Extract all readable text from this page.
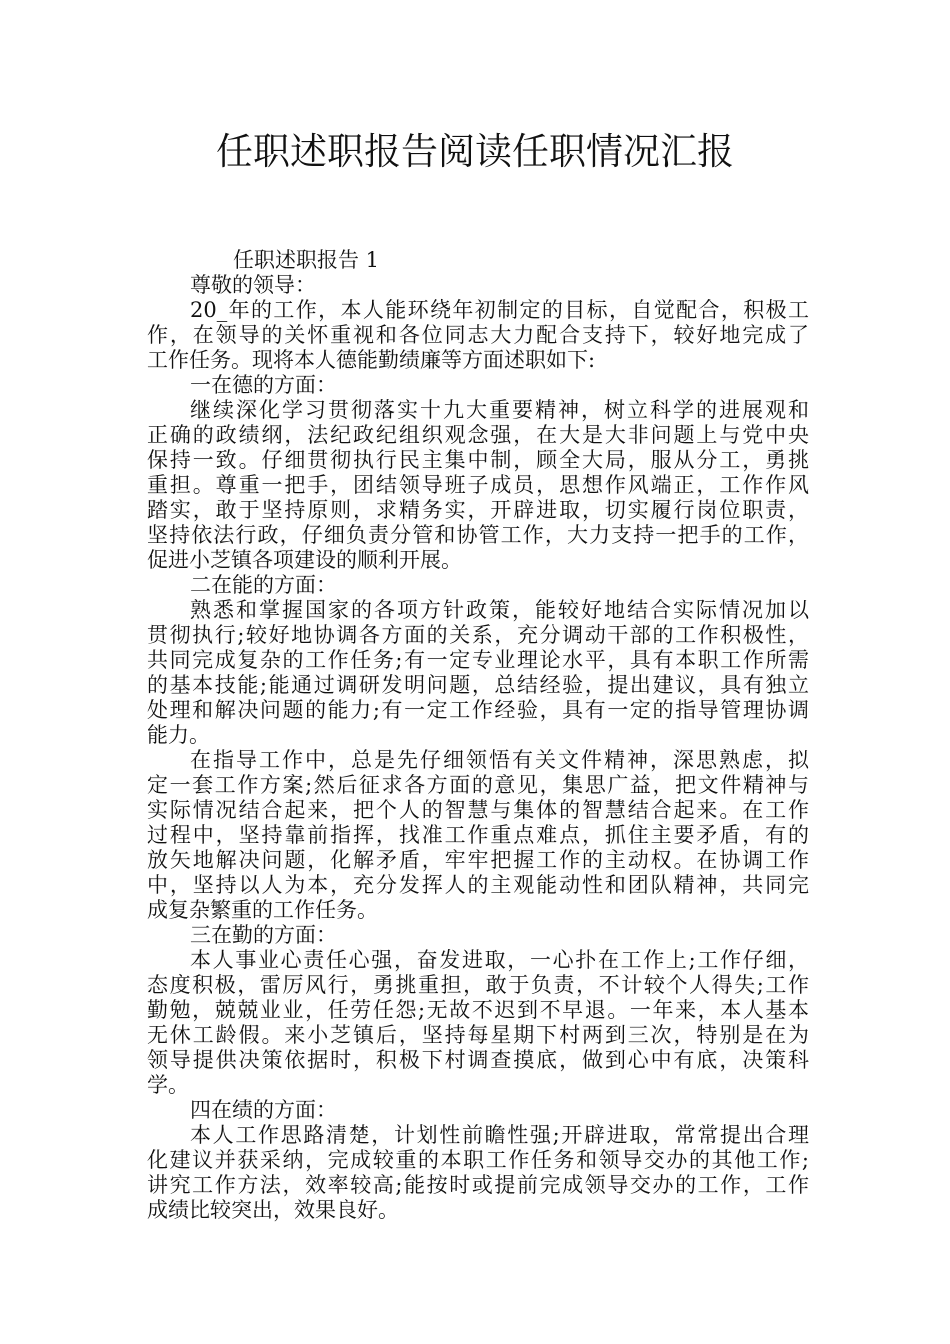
任职述职报告阅读任职情况汇报
任职述职报告 1
尊敬的领导：
20_年的工作，本人能环绕年初制定的目标，自觉配合，积极工
作，在领导的关怀重视和各位同志大力配合支持下，较好地完成了
工作任务。现将本人德能勤绩廉等方面述职如下:
一在德的方面：
继续深化学习贯彻落实十九大重要精神，树立科学的进展观和
正确的政绩纲，法纪政纪组织观念强，在大是大非问题上与党中央
保持一致。仔细贯彻执行民主集中制，顾全大局，服从分工，勇挑
重担。尊重一把手，团结领导班子成员，思想作风端正，工作作风
踏实，敢于坚持原则，求精务实，开辟进取，切实履行岗位职责，
坚持依法行政，仔细负责分管和协管工作，大力支持一把手的工作，
促进小芝镇各项建设的顺利开展。
二在能的方面：
熟悉和掌握国家的各项方针政策，能较好地结合实际情况加以
贯彻执行;较好地协调各方面的关系，充分调动干部的工作积极性，
共同完成复杂的工作任务;有一定专业理论水平，具有本职工作所需
的基本技能;能通过调研发明问题，总结经验，提出建议，具有独立
处理和解决问题的能力;有一定工作经验，具有一定的指导管理协调
能力。
在指导工作中，总是先仔细领悟有关文件精神，深思熟虑，拟
定一套工作方案;然后征求各方面的意见，集思广益，把文件精神与
实际情况结合起来，把个人的智慧与集体的智慧结合起来。在工作
过程中，坚持靠前指挥，找准工作重点难点，抓住主要矛盾，有的
放矢地解决问题，化解矛盾，牢牢把握工作的主动权。在协调工作
中，坚持以人为本，充分发挥人的主观能动性和团队精神，共同完
成复杂繁重的工作任务。
三在勤的方面：
本人事业心责任心强，奋发进取，一心扑在工作上;工作仔细，
态度积极，雷厉风行，勇挑重担，敢于负责，不计较个人得失;工作
勤勉，兢兢业业，任劳任怨;无故不迟到不早退。一年来，本人基本
无休工龄假。来小芝镇后，坚持每星期下村两到三次，特别是在为
领导提供决策依据时，积极下村调查摸底，做到心中有底，决策科
学。
四在绩的方面：
本人工作思路清楚，计划性前瞻性强;开辟进取，常常提出合理
化建议并获采纳，完成较重的本职工作任务和领导交办的其他工作;
讲究工作方法，效率较高;能按时或提前完成领导交办的工作，工作
成绩比较突出，效果良好。
